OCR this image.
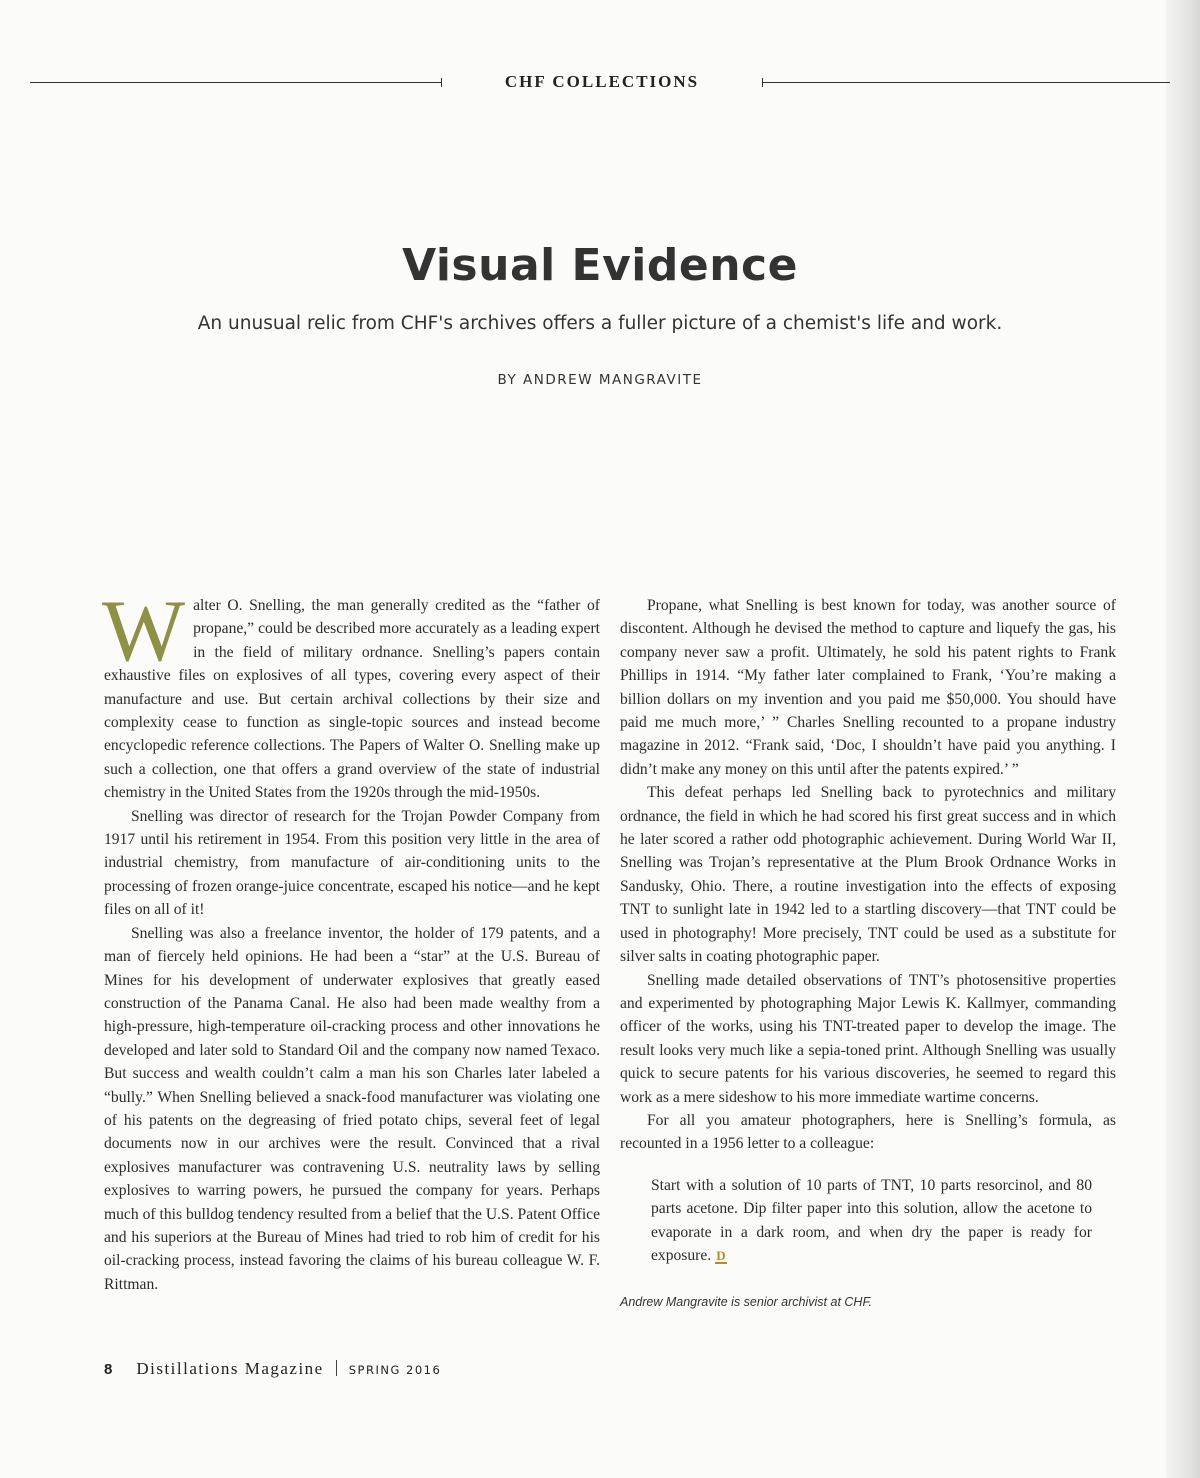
CHF COLLECTIONS
Visual Evidence
An unusual relic from CHF's archives offers a fuller picture of a chemist's life and work.
BY ANDREW MANGRAVITE

Walter O. Snelling, the man generally credited as the “father of propane,” could be described more accurately as a leading expert in the field of military ordnance. Snelling’s papers contain exhaustive files on explosives of all types, covering every aspect of their manufacture and use. But certain archival collections by their size and complexity cease to function as single-topic sources and instead become encyclopedic reference collections. The Papers of Walter O. Snelling make up such a collection, one that offers a grand overview of the state of industrial chemistry in the United States from the 1920s through the mid-1950s.

Snelling was director of research for the Trojan Powder Company from 1917 until his retirement in 1954. From this position very little in the area of industrial chemistry, from manufacture of air-conditioning units to the processing of frozen orange-juice concentrate, escaped his notice—and he kept files on all of it!

Snelling was also a freelance inventor, the holder of 179 patents, and a man of fiercely held opinions. He had been a “star” at the U.S. Bureau of Mines for his development of underwater explosives that greatly eased construction of the Panama Canal. He also had been made wealthy from a high-pressure, high-temperature oil-cracking process and other innovations he developed and later sold to Standard Oil and the company now named Texaco. But success and wealth couldn’t calm a man his son Charles later labeled a “bully.” When Snelling believed a snack-food manufacturer was violating one of his patents on the degreasing of fried potato chips, several feet of legal documents now in our archives were the result. Convinced that a rival explosives manufacturer was contravening U.S. neutrality laws by selling explosives to warring powers, he pursued the company for years. Perhaps much of this bulldog tendency resulted from a belief that the U.S. Patent Office and his superiors at the Bureau of Mines had tried to rob him of credit for his oil-cracking process, instead favoring the claims of his bureau colleague W. F. Rittman.

Propane, what Snelling is best known for today, was another source of discontent. Although he devised the method to capture and liquefy the gas, his company never saw a profit. Ultimately, he sold his patent rights to Frank Phillips in 1914. “My father later complained to Frank, ‘You’re making a billion dollars on my invention and you paid me $50,000. You should have paid me much more,’ ” Charles Snelling recounted to a propane industry magazine in 2012. “Frank said, ‘Doc, I shouldn’t have paid you anything. I didn’t make any money on this until after the patents expired.’ ”

This defeat perhaps led Snelling back to pyrotechnics and military ordnance, the field in which he had scored his first great success and in which he later scored a rather odd photographic achievement. During World War II, Snelling was Trojan’s representative at the Plum Brook Ordnance Works in Sandusky, Ohio. There, a routine investigation into the effects of exposing TNT to sunlight late in 1942 led to a startling discovery—that TNT could be used in photography! More precisely, TNT could be used as a substitute for silver salts in coating photographic paper.

Snelling made detailed observations of TNT’s photosensitive properties and experimented by photographing Major Lewis K. Kallmyer, commanding officer of the works, using his TNT-treated paper to develop the image. The result looks very much like a sepia-toned print. Although Snelling was usually quick to secure patents for his various discoveries, he seemed to regard this work as a mere sideshow to his more immediate wartime concerns.

For all you amateur photographers, here is Snelling’s formula, as recounted in a 1956 letter to a colleague:

Start with a solution of 10 parts of TNT, 10 parts resorcinol, and 80 parts acetone. Dip filter paper into this solution, allow the acetone to evaporate in a dark room, and when dry the paper is ready for exposure. D
Andrew Mangravite is senior archivist at CHF.
8 Distillations Magazine SPRING 2016
